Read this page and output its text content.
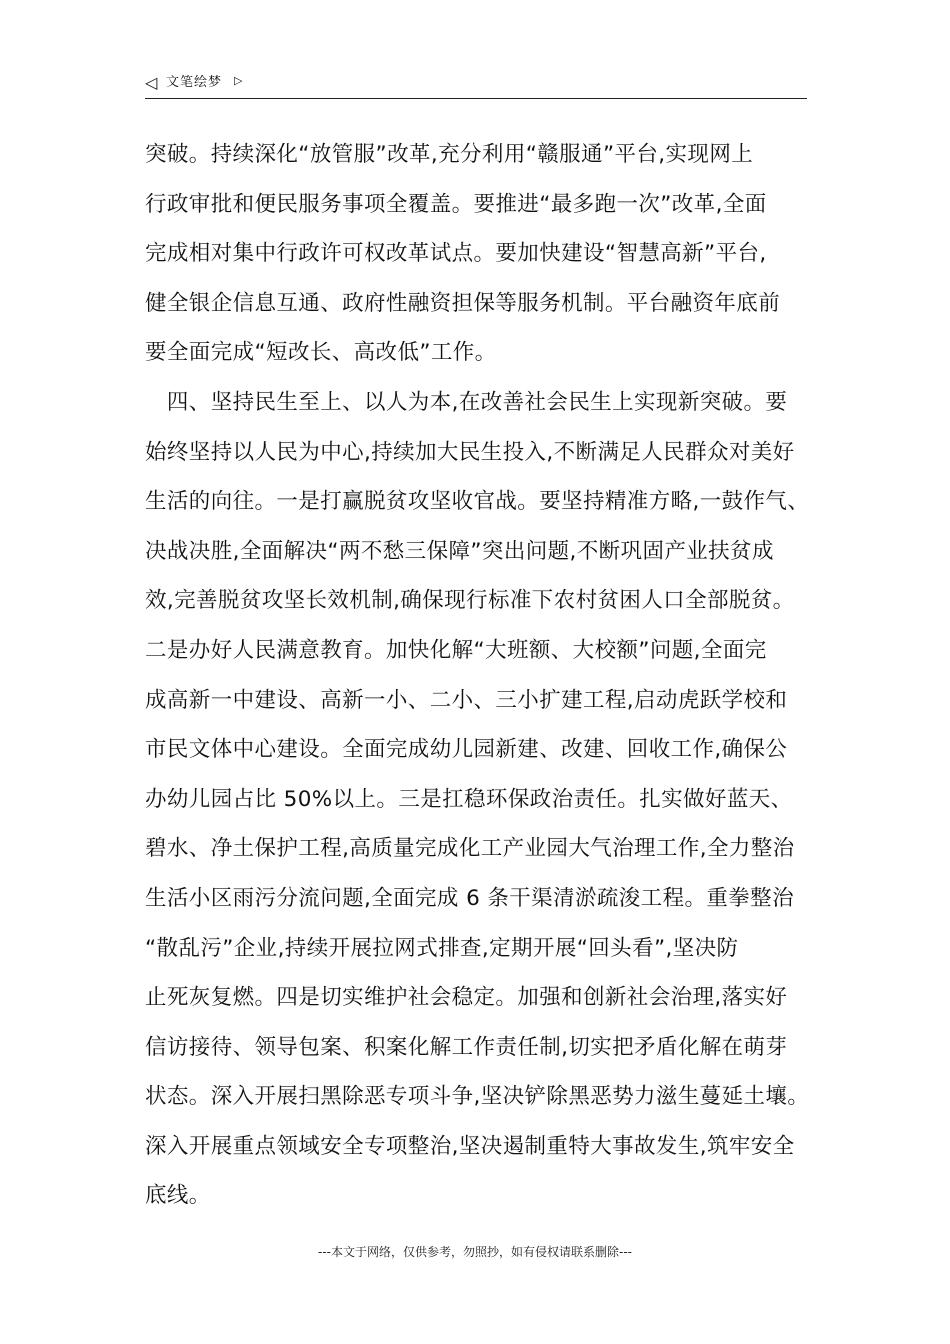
◁ 文笔绘梦 ▷
突破。持续深化“放管服”改革,充分利用“赣服通”平台,实现网上
行政审批和便民服务事项全覆盖。要推进“最多跑一次”改革,全面
完成相对集中行政许可权改革试点。要加快建设“智慧高新”平台,
健全银企信息互通、政府性融资担保等服务机制。平台融资年底前
要全面完成“短改长、高改低”工作。
　四、坚持民生至上、以人为本,在改善社会民生上实现新突破。要
始终坚持以人民为中心,持续加大民生投入,不断满足人民群众对美好
生活的向往。一是打赢脱贫攻坚收官战。要坚持精准方略,一鼓作气、
决战决胜,全面解决“两不愁三保障”突出问题,不断巩固产业扶贫成
效,完善脱贫攻坚长效机制,确保现行标准下农村贫困人口全部脱贫。
二是办好人民满意教育。加快化解“大班额、大校额”问题,全面完
成高新一中建设、高新一小、二小、三小扩建工程,启动虎跃学校和
市民文体中心建设。全面完成幼儿园新建、改建、回收工作,确保公
办幼儿园占比 50%以上。三是扛稳环保政治责任。扎实做好蓝天、
碧水、净土保护工程,高质量完成化工产业园大气治理工作,全力整治
生活小区雨污分流问题,全面完成 6 条干渠清淤疏浚工程。重拳整治
“散乱污”企业,持续开展拉网式排查,定期开展“回头看”,坚决防
止死灰复燃。四是切实维护社会稳定。加强和创新社会治理,落实好
信访接待、领导包案、积案化解工作责任制,切实把矛盾化解在萌芽
状态。深入开展扫黑除恶专项斗争,坚决铲除黑恶势力滋生蔓延土壤。
深入开展重点领域安全专项整治,坚决遏制重特大事故发生,筑牢安全
底线。
---本文于网络，仅供参考，勿照抄，如有侵权请联系删除---
